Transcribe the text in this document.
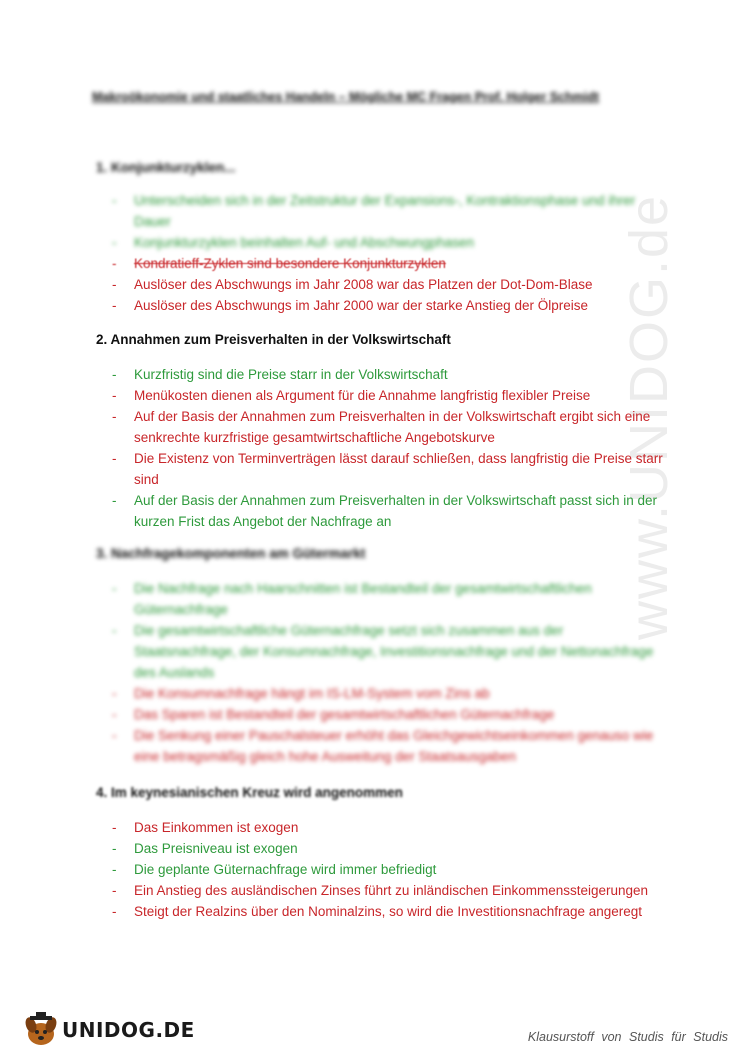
www.UNIDOG.de
Makroökonomie und staatliches Handeln – Mögliche MC Fragen Prof. Holger Schmidt
1. Konjunkturzyklen...
- Unterscheiden sich in der Zeitstruktur der Expansions-, Kontraktionsphase und ihrer Dauer
- Konjunkturzyklen beinhalten Auf- und Abschwungphasen
- Kondratieff-Zyklen sind besondere Konjunkturzyklen
- Auslöser des Abschwungs im Jahr 2008 war das Platzen der Dot-Dom-Blase
- Auslöser des Abschwungs im Jahr 2000 war der starke Anstieg der Ölpreise
2. Annahmen zum Preisverhalten in der Volkswirtschaft
- Kurzfristig sind die Preise starr in der Volkswirtschaft
- Menükosten dienen als Argument für die Annahme langfristig flexibler Preise
- Auf der Basis der Annahmen zum Preisverhalten in der Volkswirtschaft ergibt sich eine senkrechte kurzfristige gesamtwirtschaftliche Angebotskurve
- Die Existenz von Terminverträgen lässt darauf schließen, dass langfristig die Preise starr sind
- Auf der Basis der Annahmen zum Preisverhalten in der Volkswirtschaft passt sich in der kurzen Frist das Angebot der Nachfrage an
3. Nachfragekomponenten am Gütermarkt
- Die Nachfrage nach Haarschnitten ist Bestandteil der gesamtwirtschaftlichen Güternachfrage
- Die gesamtwirtschaftliche Güternachfrage setzt sich zusammen aus der Staatsnachfrage, der Konsumnachfrage, Investitionsnachfrage und der Nettonachfrage des Auslands
- Die Konsumnachfrage hängt im IS-LM-System vom Zins ab
- Das Sparen ist Bestandteil der gesamtwirtschaftlichen Güternachfrage
- Die Senkung einer Pauschalsteuer erhöht das Gleichgewichtseinkommen genauso wie eine betragsmäßig gleich hohe Ausweitung der Staatsausgaben
4. Im keynesianischen Kreuz wird angenommen
- Das Einkommen ist exogen
- Das Preisniveau ist exogen
- Die geplante Güternachfrage wird immer befriedigt
- Ein Anstieg des ausländischen Zinses führt zu inländischen Einkommenssteigerungen
- Steigt der Realzins über den Nominalzins, so wird die Investitionsnachfrage angeregt
UNIDOG.DE	Klausurstoff von Studis für Studis
